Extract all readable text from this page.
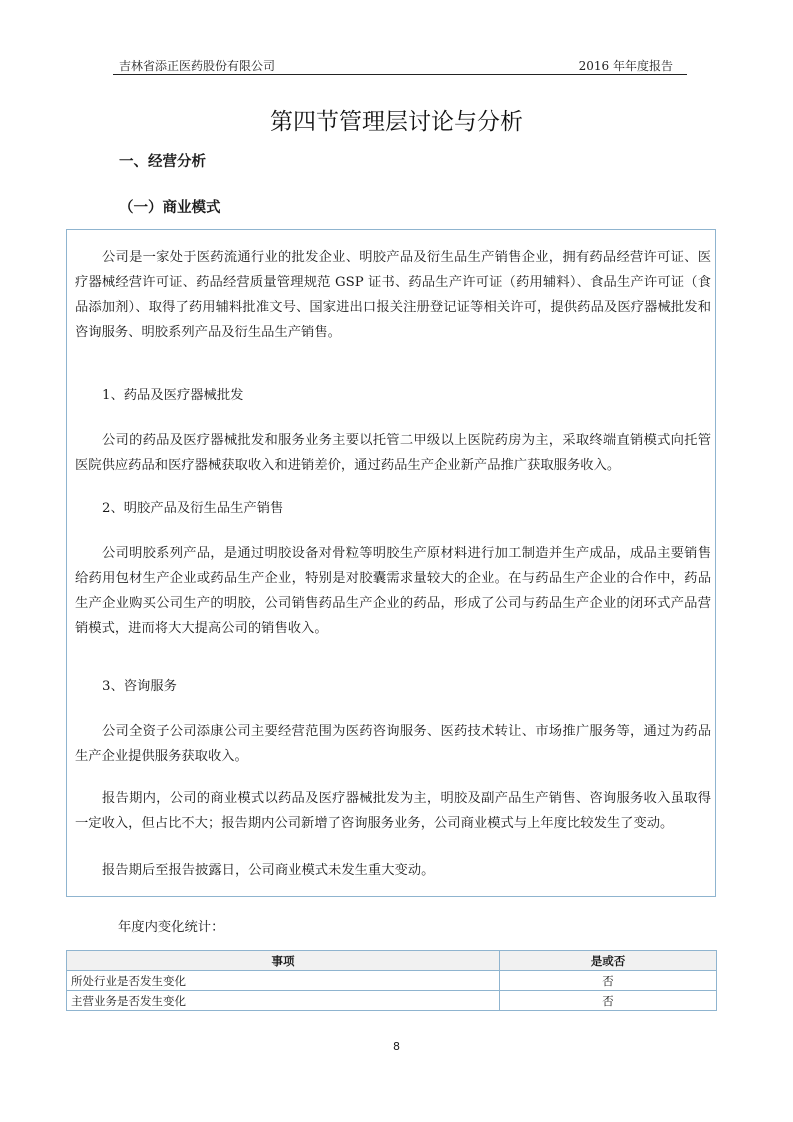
吉林省添正医药股份有限公司	2016 年年度报告
第四节管理层讨论与分析
一、经营分析
（一）商业模式

公司是一家处于医药流通行业的批发企业、明胶产品及衍生品生产销售企业，拥有药品经营许可证、医疗器械经营许可证、药品经营质量管理规范 GSP 证书、药品生产许可证（药用辅料）、食品生产许可证（食品添加剂）、取得了药用辅料批准文号、国家进出口报关注册登记证等相关许可，提供药品及医疗器械批发和咨询服务、明胶系列产品及衍生品生产销售。

1、药品及医疗器械批发

公司的药品及医疗器械批发和服务业务主要以托管二甲级以上医院药房为主，采取终端直销模式向托管医院供应药品和医疗器械获取收入和进销差价，通过药品生产企业新产品推广获取服务收入。

2、明胶产品及衍生品生产销售

公司明胶系列产品，是通过明胶设备对骨粒等明胶生产原材料进行加工制造并生产成品，成品主要销售给药用包材生产企业或药品生产企业，特别是对胶囊需求量较大的企业。在与药品生产企业的合作中，药品生产企业购买公司生产的明胶，公司销售药品生产企业的药品，形成了公司与药品生产企业的闭环式产品营销模式，进而将大大提高公司的销售收入。

3、咨询服务

公司全资子公司添康公司主要经营范围为医药咨询服务、医药技术转让、市场推广服务等，通过为药品生产企业提供服务获取收入。

报告期内，公司的商业模式以药品及医疗器械批发为主，明胶及副产品生产销售、咨询服务收入虽取得一定收入，但占比不大；报告期内公司新增了咨询服务业务，公司商业模式与上年度比较发生了变动。

报告期后至报告披露日，公司商业模式未发生重大变动。

年度内变化统计：
事项	是或否
所处行业是否发生变化	否
主营业务是否发生变化	否
8
